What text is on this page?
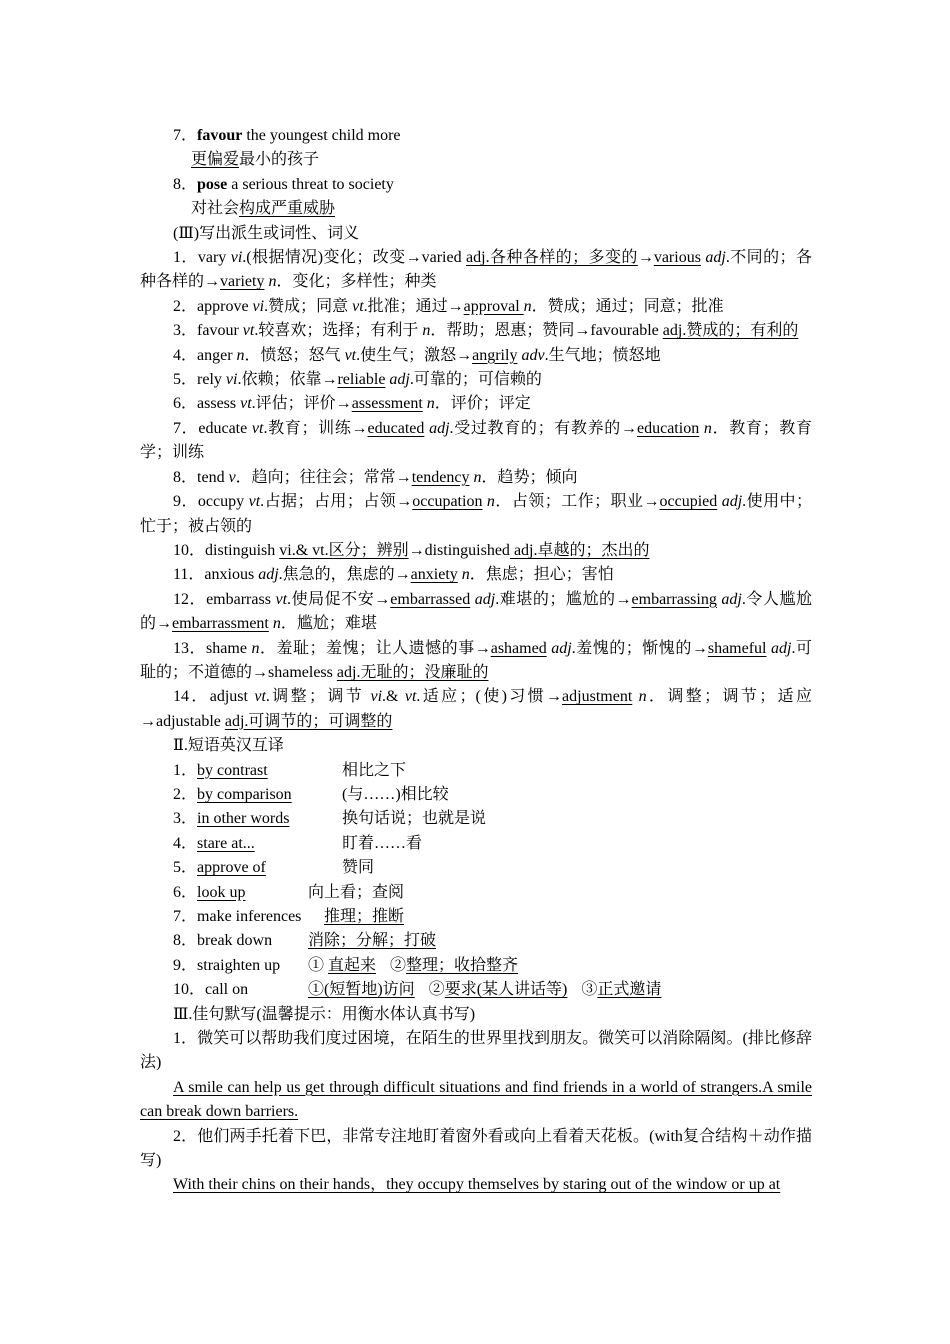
7．favour the youngest child more

更偏爱最小的孩子

8．pose a serious threat to society

对社会构成严重威胁

(Ⅲ)写出派生或词性、词义

1．vary vi.(根据情况)变化；改变→varied adj.各种各样的；多变的→various adj.不同的；各种各样的→variety n．变化；多样性；种类

2．approve vi.赞成；同意 vt.批准；通过→approval n．赞成；通过；同意；批准

3．favour vt.较喜欢；选择；有利于 n．帮助；恩惠；赞同→favourable adj.赞成的；有利的

4．anger n．愤怒；怒气 vt.使生气；激怒→angrily adv.生气地；愤怒地

5．rely vi.依赖；依靠→reliable adj.可靠的；可信赖的

6．assess vt.评估；评价→assessment n．评价；评定

7．educate vt.教育；训练→educated adj.受过教育的；有教养的→education n．教育；教育学；训练

8．tend v．趋向；往往会；常常→tendency n．趋势；倾向

9．occupy vt.占据；占用；占领→occupation n．占领；工作；职业→occupied adj.使用中；忙于；被占领的

10．distinguish vi.& vt.区分；辨别→distinguished adj.卓越的；杰出的

11．anxious adj.焦急的，焦虑的→anxiety n．焦虑；担心；害怕

12．embarrass vt.使局促不安→embarrassed adj.难堪的；尴尬的→embarrassing adj.令人尴尬的→embarrassment n．尴尬；难堪

13．shame n．羞耻；羞愧；让人遗憾的事→ashamed adj.羞愧的；惭愧的→shameful adj.可耻的；不道德的→shameless adj.无耻的；没廉耻的

14．adjust vt.调整；调节 vi.& vt.适应；(使)习惯→adjustment n．调整；调节；适应→adjustable adj.可调节的；可调整的

Ⅱ.短语英汉互译

1．by contrast	相比之下
2．by comparison	(与……)相比较
3．in other words	换句话说；也就是说
4．stare at...	盯着……看
5．approve of	赞同
6．look up	向上看；查阅
7．make inferences	推理；推断
8．break down	消除；分解；打破
9．straighten up	① 直起来 ②整理；收拾整齐
10．call on	①(短暂地)访问 ②要求(某人讲话等) ③正式邀请

Ⅲ.佳句默写(温馨提示：用衡水体认真书写)

1．微笑可以帮助我们度过困境，在陌生的世界里找到朋友。微笑可以消除隔阂。(排比修辞法)

A smile can help us get through difficult situations and find friends in a world of strangers.A smile can break down barriers.

2．他们两手托着下巴，非常专注地盯着窗外看或向上看着天花板。(with复合结构＋动作描写)

With their chins on their hands，they occupy themselves by staring out of the window or up at
